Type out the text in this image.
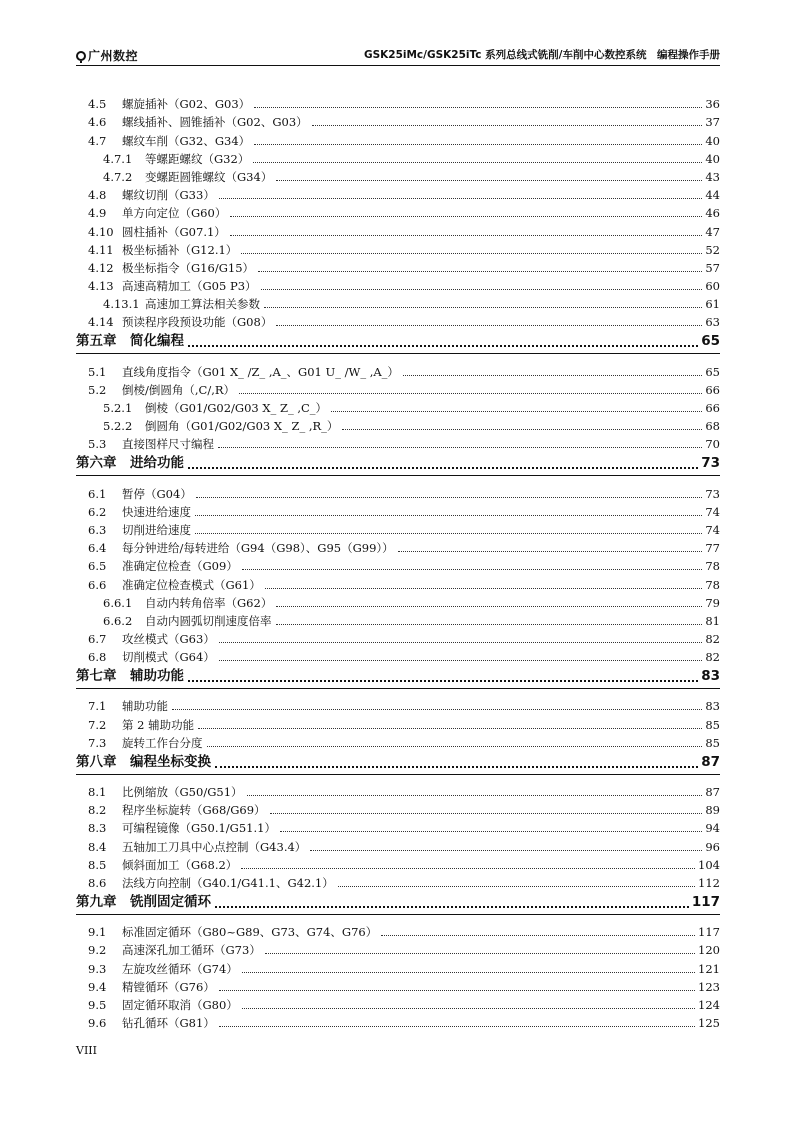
广州数控	GSK25iMc/GSK25iTc 系列总线式铣削/车削中心数控系统　编程操作手册
4.5	螺旋插补（G02、G03）	36
4.6	螺线插补、圆锥插补（G02、G03）	37
4.7	螺纹车削（G32、G34）	40
4.7.1	等螺距螺纹（G32）	40
4.7.2	变螺距圆锥螺纹（G34）	43
4.8	螺纹切削（G33）	44
4.9	单方向定位（G60）	46
4.10 圆柱插补（G07.1）	47
4.11 极坐标插补（G12.1）	52
4.12 极坐标指令（G16/G15）	57
4.13 高速高精加工（G05 P3）	60
4.13.1 高速加工算法相关参数	61
4.14 预读程序段预设功能（G08）	63
第五章　简化编程	65
5.1	直线角度指令（G01 X_ /Z_ ,A_、G01 U_ /W_ ,A_）	65
5.2	倒棱/倒圆角（,C/,R）	66
5.2.1	倒棱（G01/G02/G03 X_ Z_ ,C_）	66
5.2.2	倒圆角（G01/G02/G03 X_ Z_ ,R_）	68
5.3	直接图样尺寸编程	70
第六章　进给功能	73
6.1	暂停（G04）	73
6.2	快速进给速度	74
6.3	切削进给速度	74
6.4	每分钟进给/每转进给（G94（G98）、G95（G99））	77
6.5	准确定位检查（G09）	78
6.6	准确定位检查模式（G61）	78
6.6.1	自动内转角倍率（G62）	79
6.6.2	自动内圆弧切削速度倍率	81
6.7	攻丝模式（G63）	82
6.8	切削模式（G64）	82
第七章　辅助功能	83
7.1	辅助功能	83
7.2	第 2 辅助功能	85
7.3	旋转工作台分度	85
第八章　编程坐标变换	87
8.1	比例缩放（G50/G51）	87
8.2	程序坐标旋转（G68/G69）	89
8.3	可编程镜像（G50.1/G51.1）	94
8.4	五轴加工刀具中心点控制（G43.4）	96
8.5	倾斜面加工（G68.2）	104
8.6	法线方向控制（G40.1/G41.1、G42.1）	112
第九章　铣削固定循环	117
9.1	标准固定循环（G80~G89、G73、G74、G76）	117
9.2	高速深孔加工循环（G73）	120
9.3	左旋攻丝循环（G74）	121
9.4	精镗循环（G76）	123
9.5	固定循环取消（G80）	124
9.6	钻孔循环（G81）	125
VIII
